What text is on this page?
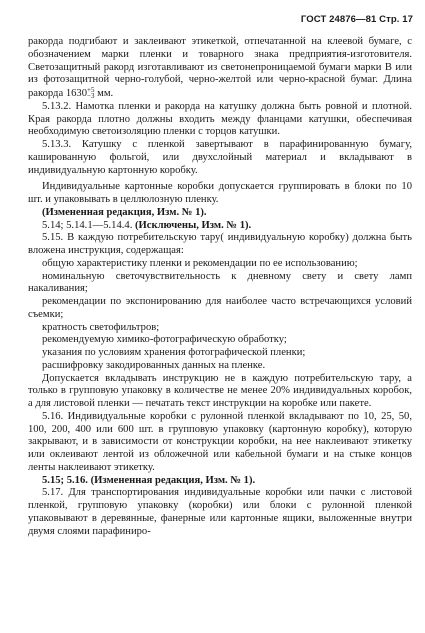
ГОСТ 24876—81 Стр. 17

ракорда подгибают и заклеивают этикеткой, отпечатанной на клеевой бумаге, с обозначением марки пленки и товарного знака предприятия-изготовителя. Светозащитный ракорд изготавливают из светонепроницаемой бумаги марки В или из фотозащитной черно-голубой, черно-желтой или черно-красной бумаг. Длина ракорда 1630 +5
−3 мм.

5.13.2. Намотка пленки и ракорда на катушку должна быть ровной и плотной. Края ракорда плотно должны входить между фланцами катушки, обеспечивая необходимую светоизоляцию пленки с торцов катушки.

5.13.3. Катушку с пленкой завертывают в парафинированную бумагу, кашированную фольгой, или двухслойный материал и вкладывают в индивидуальную картонную коробку.

Индивидуальные картонные коробки допускается группировать в блоки по 10 шт. и упаковывать в целлюлозную пленку.

(Измененная редакция, Изм. № 1).

5.14; 5.14.1—5.14.4. (Исключены, Изм. № 1).

5.15. В каждую потребительскую тару( индивидуальную коробку) должна быть вложена инструкция, содержащая:

общую характеристику пленки и рекомендации по ее использованию;

номинальную светочувствительность к дневному свету и свету ламп накаливания;

рекомендации по экспонированию для наиболее часто встречающихся условий съемки;

кратность светофильтров;

рекомендуемую химико-фотографическую обработку;

указания по условиям хранения фотографической пленки;

расшифровку закодированных данных на пленке.

Допускается вкладывать инструкцию не в каждую потребительскую тару, а только в групповую упаковку в количестве не менее 20% индивидуальных коробок, а для листовой пленки — печатать текст инструкции на коробке или пакете.

5.16. Индивидуальные коробки с рулонной пленкой вкладывают по 10, 25, 50, 100, 200, 400 или 600 шт. в групповую упаковку (картонную коробку), которую закрывают, и в зависимости от конструкции коробки, на нее наклеивают этикетку или оклеивают лентой из обложечной или кабельной бумаги и на стыке концов ленты наклеивают этикетку.

5.15; 5.16. (Измененная редакция, Изм. № 1).

5.17. Для транспортирования индивидуальные коробки или пачки с листовой пленкой, групповую упаковку (коробки) или блоки с рулонной пленкой упаковывают в деревянные, фанерные или картонные ящики, выложенные внутри двумя слоями парафиниро-
